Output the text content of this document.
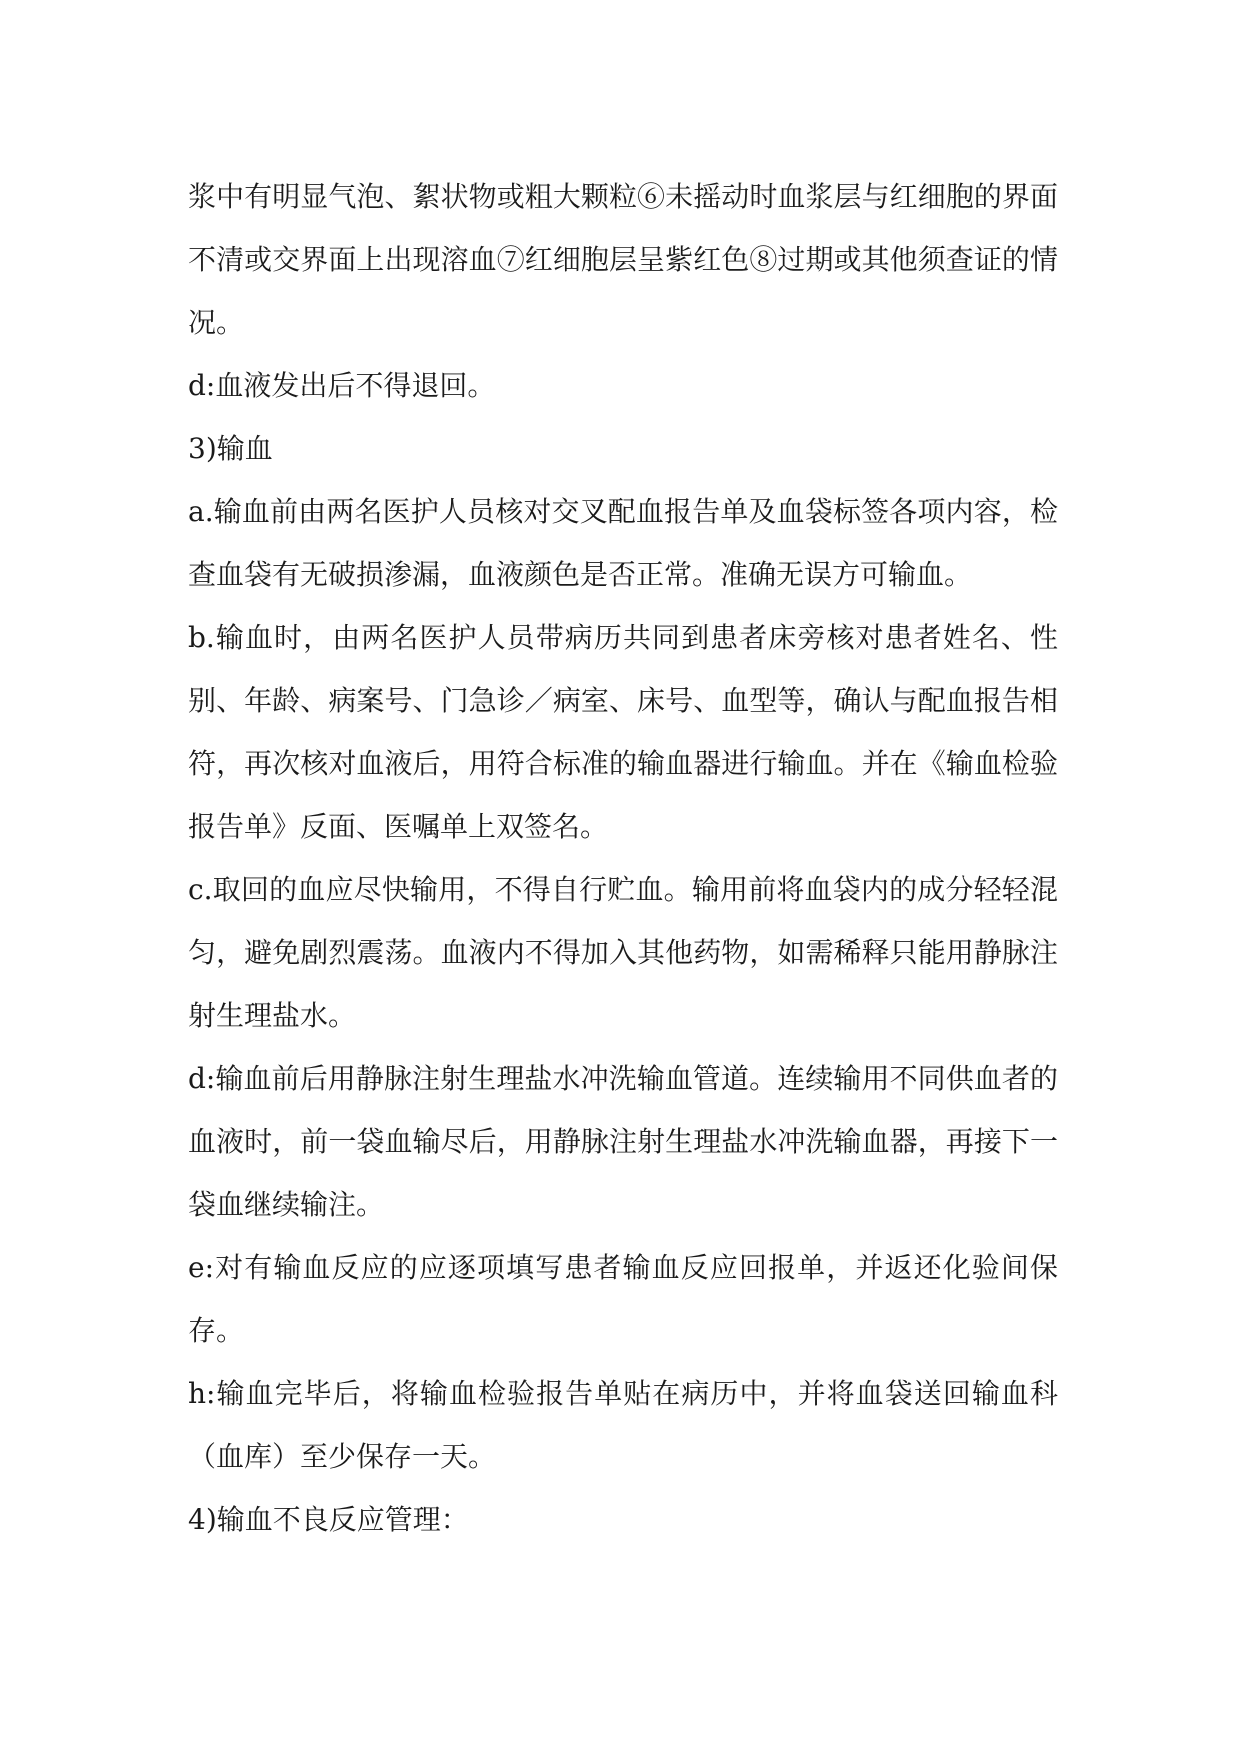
浆中有明显气泡、絮状物或粗大颗粒⑥未摇动时血浆层与红细胞的界面不清或交界面上出现溶血⑦红细胞层呈紫红色⑧过期或其他须查证的情况。

d:血液发出后不得退回。

3)输血

a.输血前由两名医护人员核对交叉配血报告单及血袋标签各项内容，检查血袋有无破损渗漏，血液颜色是否正常。准确无误方可输血。

b.输血时，由两名医护人员带病历共同到患者床旁核对患者姓名、性别、年龄、病案号、门急诊／病室、床号、血型等，确认与配血报告相符，再次核对血液后，用符合标准的输血器进行输血。并在《输血检验报告单》反面、医嘱单上双签名。

c.取回的血应尽快输用，不得自行贮血。输用前将血袋内的成分轻轻混匀，避免剧烈震荡。血液内不得加入其他药物，如需稀释只能用静脉注射生理盐水。

d:输血前后用静脉注射生理盐水冲洗输血管道。连续输用不同供血者的血液时，前一袋血输尽后，用静脉注射生理盐水冲洗输血器，再接下一袋血继续输注。

e:对有输血反应的应逐项填写患者输血反应回报单，并返还化验间保存。

h:输血完毕后，将输血检验报告单贴在病历中，并将血袋送回输血科（血库）至少保存一天。

4)输血不良反应管理：
